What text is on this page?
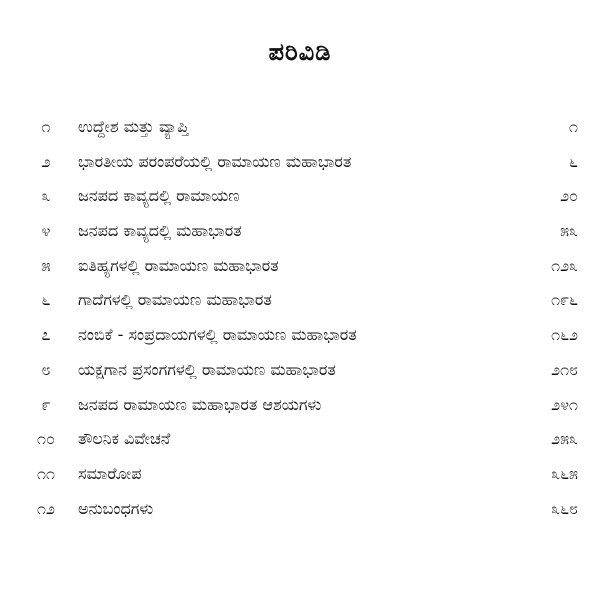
ಪರಿವಿಡಿ
೧	ಉದ್ದೇಶ ಮತ್ತು ವ್ಯಾಪ್ತಿ	೧
೨	ಭಾರತೀಯ ಪರಂಪರೆಯಲ್ಲಿ ರಾಮಾಯಣ ಮಹಾಭಾರತ	೬
೩	ಜನಪದ ಕಾವ್ಯದಲ್ಲಿ ರಾಮಾಯಣ	೨೦
೪	ಜನಪದ ಕಾವ್ಯದಲ್ಲಿ ಮಹಾಭಾರತ	೫೩
೫	ಐತಿಹ್ಯಗಳಲ್ಲಿ ರಾಮಾಯಣ ಮಹಾಭಾರತ	೧೨೩
೬	ಗಾದೆಗಳಲ್ಲಿ ರಾಮಾಯಣ ಮಹಾಭಾರತ	೧೯೬
೭	ನಂಬಿಕೆ - ಸಂಪ್ರದಾಯಗಳಲ್ಲಿ ರಾಮಾಯಣ ಮಹಾಭಾರತ	೧೬೨
೮	ಯಕ್ಷಗಾನ ಪ್ರಸಂಗಗಳಲ್ಲಿ ರಾಮಾಯಣ ಮಹಾಭಾರತ	೨೧೮
೯	ಜನಪದ ರಾಮಾಯಣ ಮಹಾಭಾರತ ಆಶಯಗಳು	೨೪೧
೧೦	ತೌಲನಿಕ ವಿವೇಚನೆ	೨೫೩
೧೧	ಸಮಾರೋಪ	೩೬೫
೧೨	ಅನುಬಂಧಗಳು	೩೬೮
